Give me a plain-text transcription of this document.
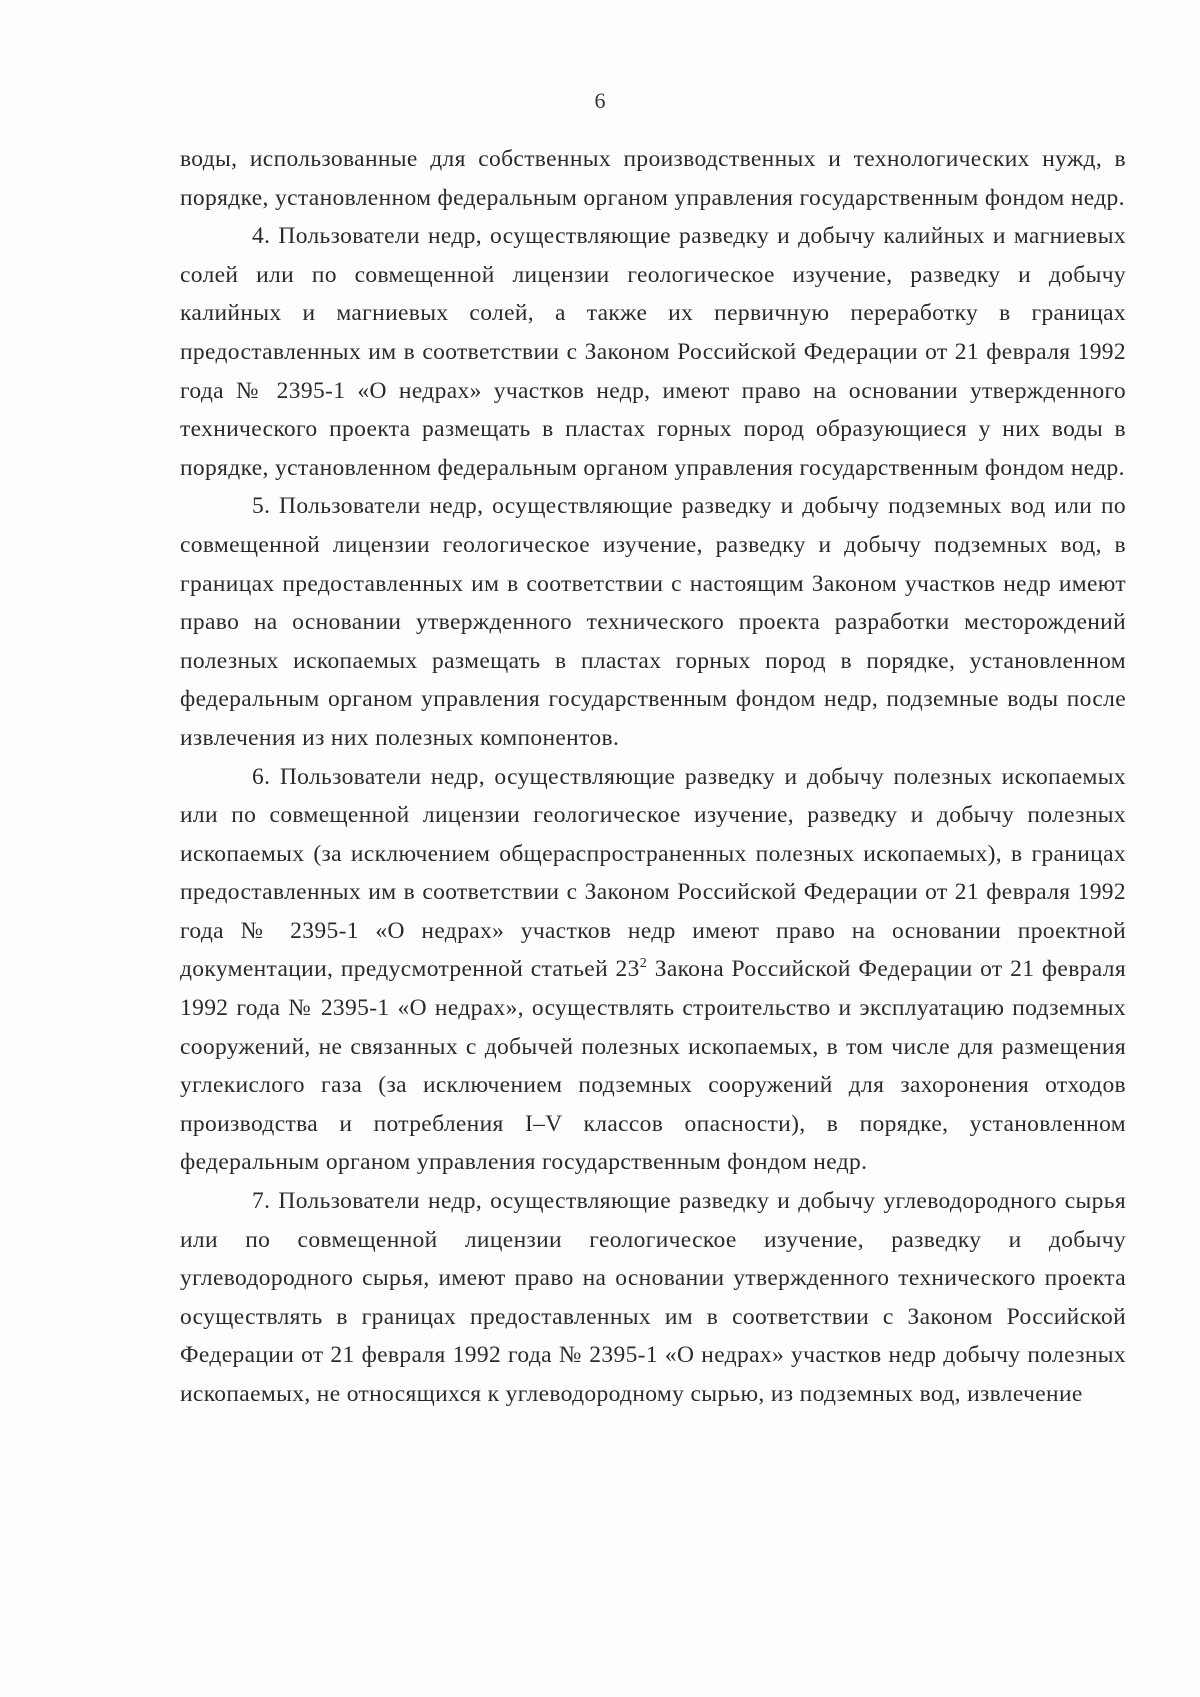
6

воды, использованные для собственных производственных и технологических нужд, в порядке, установленном федеральным органом управления государственным фондом недр.

4. Пользователи недр, осуществляющие разведку и добычу калийных и магниевых солей или по совмещенной лицензии геологическое изучение, разведку и добычу калийных и магниевых солей, а также их первичную переработку в границах предоставленных им в соответствии с Законом Российской Федерации от 21 февраля 1992 года № 2395-1 «О недрах» участков недр, имеют право на основании утвержденного технического проекта размещать в пластах горных пород образующиеся у них воды в порядке, установленном федеральным органом управления государственным фондом недр.

5. Пользователи недр, осуществляющие разведку и добычу подземных вод или по совмещенной лицензии геологическое изучение, разведку и добычу подземных вод, в границах предоставленных им в соответствии с настоящим Законом участков недр имеют право на основании утвержденного технического проекта разработки месторождений полезных ископаемых размещать в пластах горных пород в порядке, установленном федеральным органом управления государственным фондом недр, подземные воды после извлечения из них полезных компонентов.

6. Пользователи недр, осуществляющие разведку и добычу полезных ископаемых или по совмещенной лицензии геологическое изучение, разведку и добычу полезных ископаемых (за исключением общераспространенных полезных ископаемых), в границах предоставленных им в соответствии с Законом Российской Федерации от 21 февраля 1992 года № 2395-1 «О недрах» участков недр имеют право на основании проектной документации, предусмотренной статьей $23^2$ Закона Российской Федерации от 21 февраля 1992 года № 2395-1 «О недрах», осуществлять строительство и эксплуатацию подземных сооружений, не связанных с добычей полезных ископаемых, в том числе для размещения углекислого газа (за исключением подземных сооружений для захоронения отходов производства и потребления I–V классов опасности), в порядке, установленном федеральным органом управления государственным фондом недр.

7. Пользователи недр, осуществляющие разведку и добычу углеводородного сырья или по совмещенной лицензии геологическое изучение, разведку и добычу углеводородного сырья, имеют право на основании утвержденного технического проекта осуществлять в границах предоставленных им в соответствии с Законом Российской Федерации от 21 февраля 1992 года № 2395-1 «О недрах» участков недр добычу полезных ископаемых, не относящихся к углеводородному сырью, из подземных вод, извлечение
